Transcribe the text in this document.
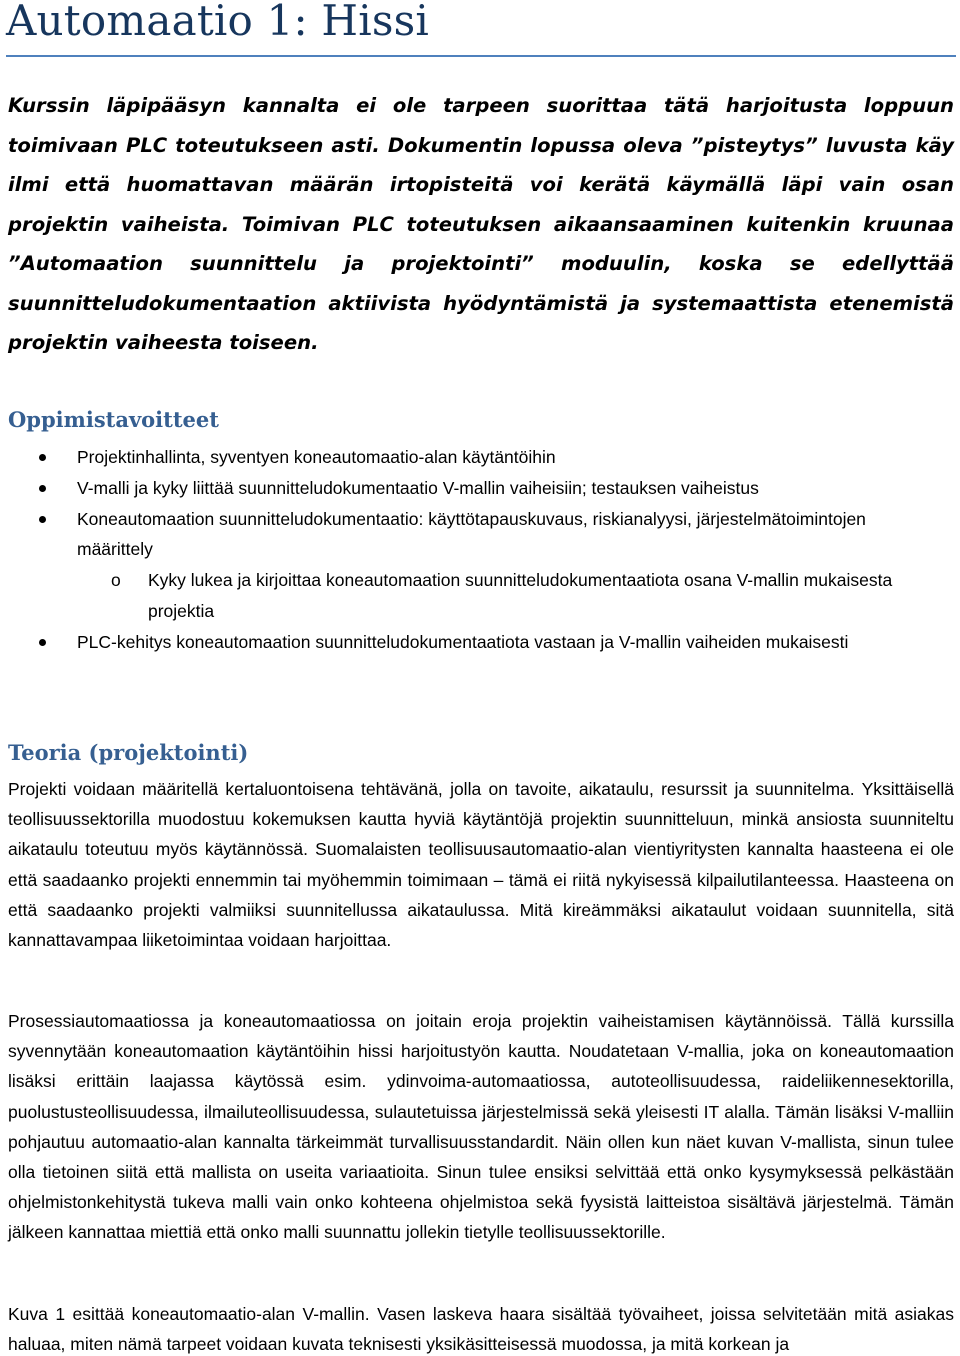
Automaatio 1: Hissi

Kurssin läpipääsyn kannalta ei ole tarpeen suorittaa tätä harjoitusta loppuun toimivaan PLC toteutukseen asti. Dokumentin lopussa oleva ”pisteytys” luvusta käy ilmi että huomattavan määrän irtopisteitä voi kerätä käymällä läpi vain osan projektin vaiheista. Toimivan PLC toteutuksen aikaansaaminen kuitenkin kruunaa ”Automaation suunnittelu ja projektointi” moduulin, koska se edellyttää suunnitteludokumentaation aktiivista hyödyntämistä ja systemaattista etenemistä projektin vaiheesta toiseen.

Oppimistavoitteet
Projektinhallinta, syventyen koneautomaatio-alan käytäntöihin
V-malli ja kyky liittää suunnitteludokumentaatio V-mallin vaiheisiin; testauksen vaiheistus
Koneautomaation suunnitteludokumentaatio: käyttötapauskuvaus, riskianalyysi, järjestelmätoimintojen määrittely
o Kyky lukea ja kirjoittaa koneautomaation suunnitteludokumentaatiota osana V-mallin mukaisesta projektia
PLC-kehitys koneautomaation suunnitteludokumentaatiota vastaan ja V-mallin vaiheiden mukaisesti
Teoria (projektointi)

Projekti voidaan määritellä kertaluontoisena tehtävänä, jolla on tavoite, aikataulu, resurssit ja suunnitelma. Yksittäisellä teollisuussektorilla muodostuu kokemuksen kautta hyviä käytäntöjä projektin suunnitteluun, minkä ansiosta suunniteltu aikataulu toteutuu myös käytännössä. Suomalaisten teollisuusautomaatio-alan vientiyritysten kannalta haasteena ei ole että saadaanko projekti ennemmin tai myöhemmin toimimaan – tämä ei riitä nykyisessä kilpailutilanteessa. Haasteena on että saadaanko projekti valmiiksi suunnitellussa aikataulussa. Mitä kireämmäksi aikataulut voidaan suunnitella, sitä kannattavampaa liiketoimintaa voidaan harjoittaa.

Prosessiautomaatiossa ja koneautomaatiossa on joitain eroja projektin vaiheistamisen käytännöissä. Tällä kurssilla syvennytään koneautomaation käytäntöihin hissi harjoitustyön kautta. Noudatetaan V-mallia, joka on koneautomaation lisäksi erittäin laajassa käytössä esim. ydinvoima-automaatiossa, autoteollisuudessa, raideliikennesektorilla, puolustusteollisuudessa, ilmailuteollisuudessa, sulautetuissa järjestelmissä sekä yleisesti IT alalla. Tämän lisäksi V-malliin pohjautuu automaatio-alan kannalta tärkeimmät turvallisuusstandardit. Näin ollen kun näet kuvan V-mallista, sinun tulee olla tietoinen siitä että mallista on useita variaatioita. Sinun tulee ensiksi selvittää että onko kysymyksessä pelkästään ohjelmistonkehitystä tukeva malli vain onko kohteena ohjelmistoa sekä fyysistä laitteistoa sisältävä järjestelmä. Tämän jälkeen kannattaa miettiä että onko malli suunnattu jollekin tietylle teollisuussektorille.

Kuva 1 esittää koneautomaatio-alan V-mallin. Vasen laskeva haara sisältää työvaiheet, joissa selvitetään mitä asiakas haluaa, miten nämä tarpeet voidaan kuvata teknisesti yksikäsitteisessä muodossa, ja mitä korkean ja
